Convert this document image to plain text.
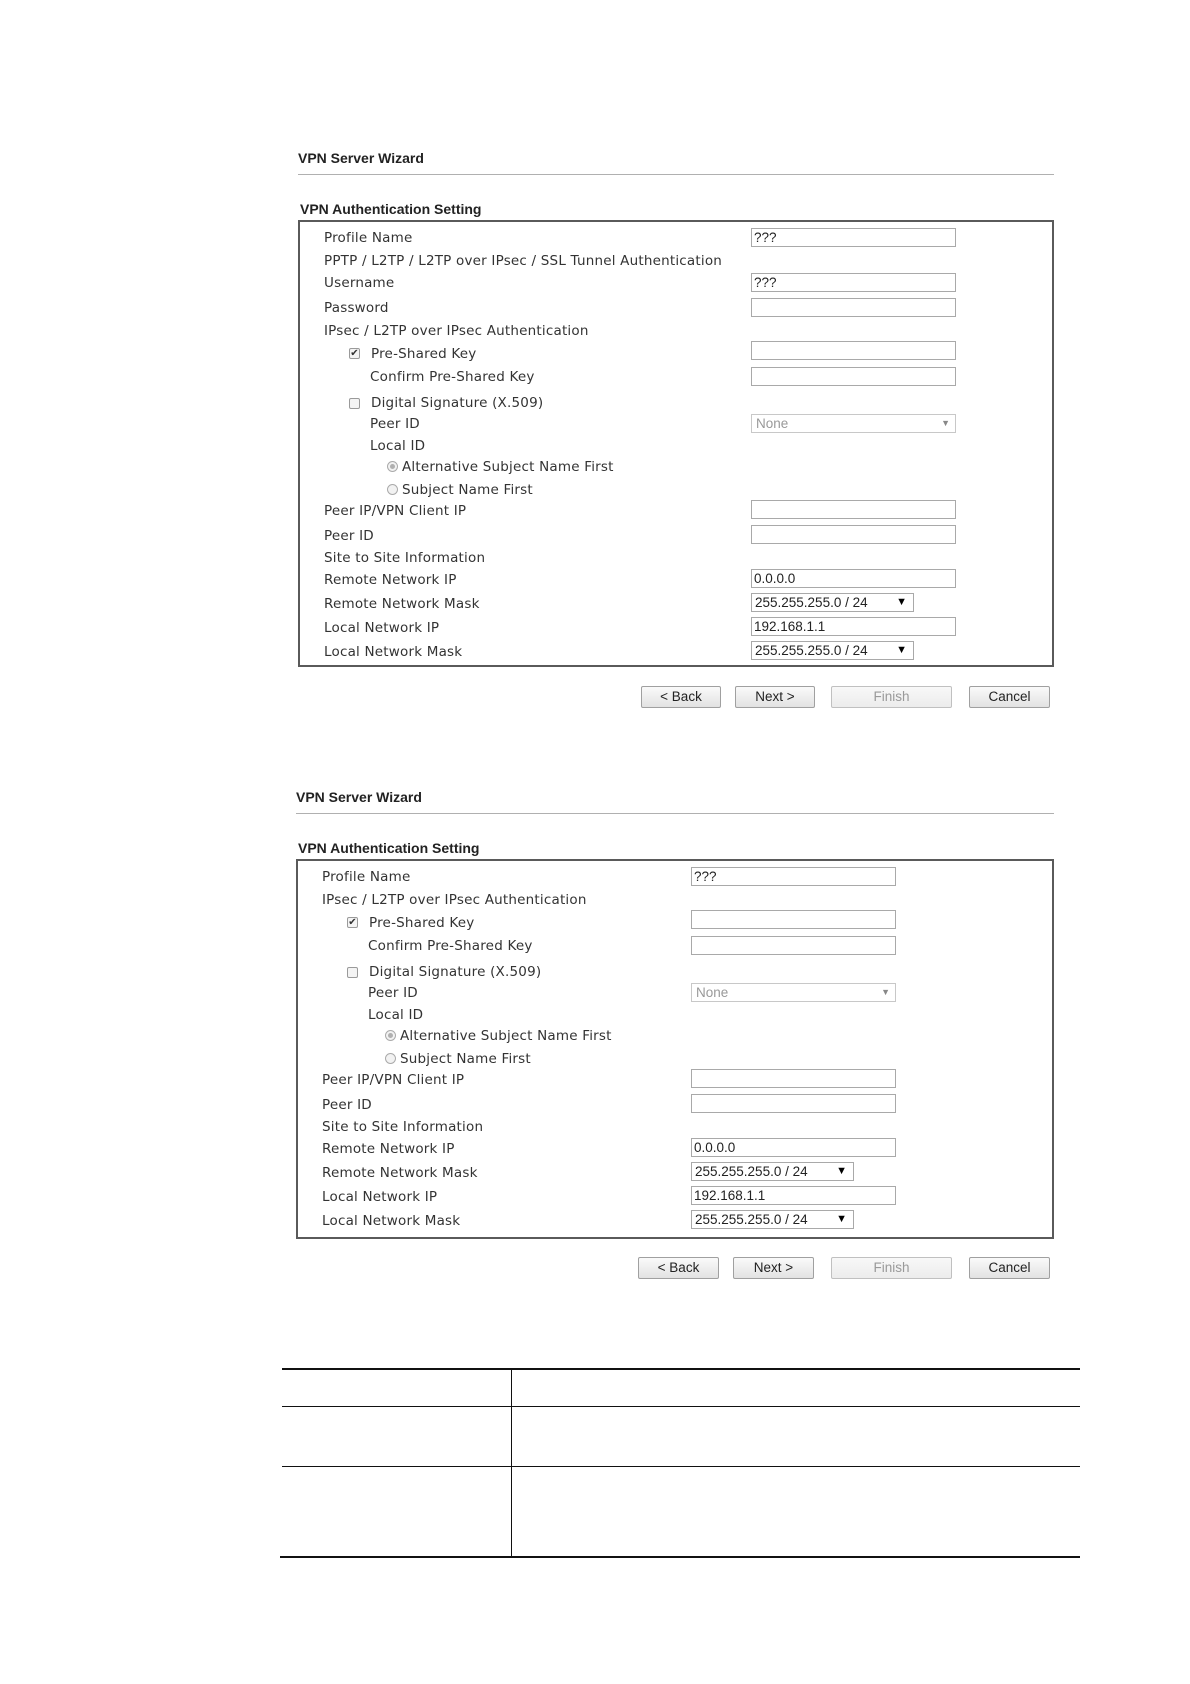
VPN Server Wizard
VPN Authentication Setting
Profile Name	???
PPTP / L2TP / L2TP over IPsec / SSL Tunnel Authentication
Username	???
Password
IPsec / L2TP over IPsec Authentication
✔ Pre-Shared Key
Confirm Pre-Shared Key
Digital Signature (X.509)
Peer ID	None	▼
Local ID
Alternative Subject Name First
Subject Name First
Peer IP/VPN Client IP
Peer ID
Site to Site Information
Remote Network IP	0.0.0.0
Remote Network Mask	255.255.255.0 / 24	▼
Local Network IP	192.168.1.1
Local Network Mask	255.255.255.0 / 24	▼
< Back	Next >	Finish	Cancel
VPN Server Wizard
VPN Authentication Setting
Profile Name	???
IPsec / L2TP over IPsec Authentication
✔ Pre-Shared Key
Confirm Pre-Shared Key
Digital Signature (X.509)
Peer ID	None	▼
Local ID
Alternative Subject Name First
Subject Name First
Peer IP/VPN Client IP
Peer ID
Site to Site Information
Remote Network IP	0.0.0.0
Remote Network Mask	255.255.255.0 / 24	▼
Local Network IP	192.168.1.1
Local Network Mask	255.255.255.0 / 24	▼
< Back	Next >	Finish	Cancel
